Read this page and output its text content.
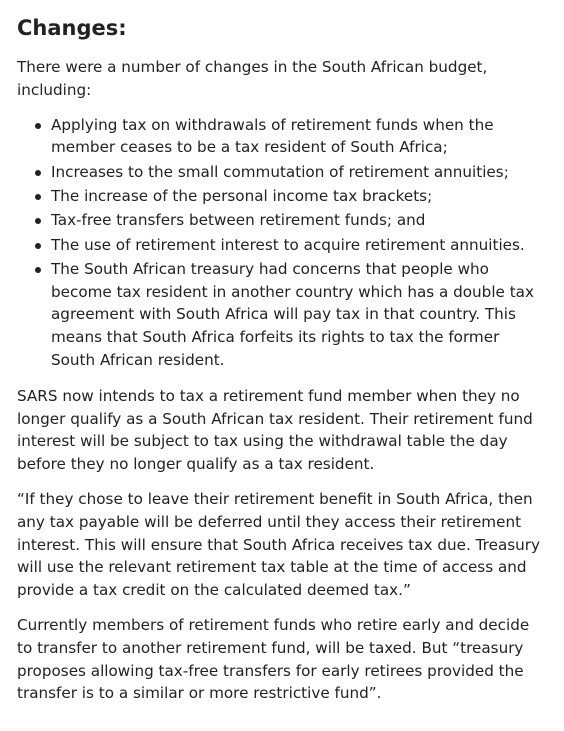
Changes:

There were a number of changes in the South African budget, including:

Applying tax on withdrawals of retirement funds when the member ceases to be a tax resident of South Africa;
Increases to the small commutation of retirement annuities;
The increase of the personal income tax brackets;
Tax-free transfers between retirement funds; and
The use of retirement interest to acquire retirement annuities.
The South African treasury had concerns that people who become tax resident in another country which has a double tax agreement with South Africa will pay tax in that country. This means that South Africa forfeits its rights to tax the former South African resident.

SARS now intends to tax a retirement fund member when they no longer qualify as a South African tax resident. Their retirement fund interest will be subject to tax using the withdrawal table the day before they no longer qualify as a tax resident.

“If they chose to leave their retirement benefit in South Africa, then any tax payable will be deferred until they access their retirement interest. This will ensure that South Africa receives tax due. Treasury will use the relevant retirement tax table at the time of access and provide a tax credit on the calculated deemed tax.”

Currently members of retirement funds who retire early and decide to transfer to another retirement fund, will be taxed. But “treasury proposes allowing tax-free transfers for early retirees provided the transfer is to a similar or more restrictive fund”.
